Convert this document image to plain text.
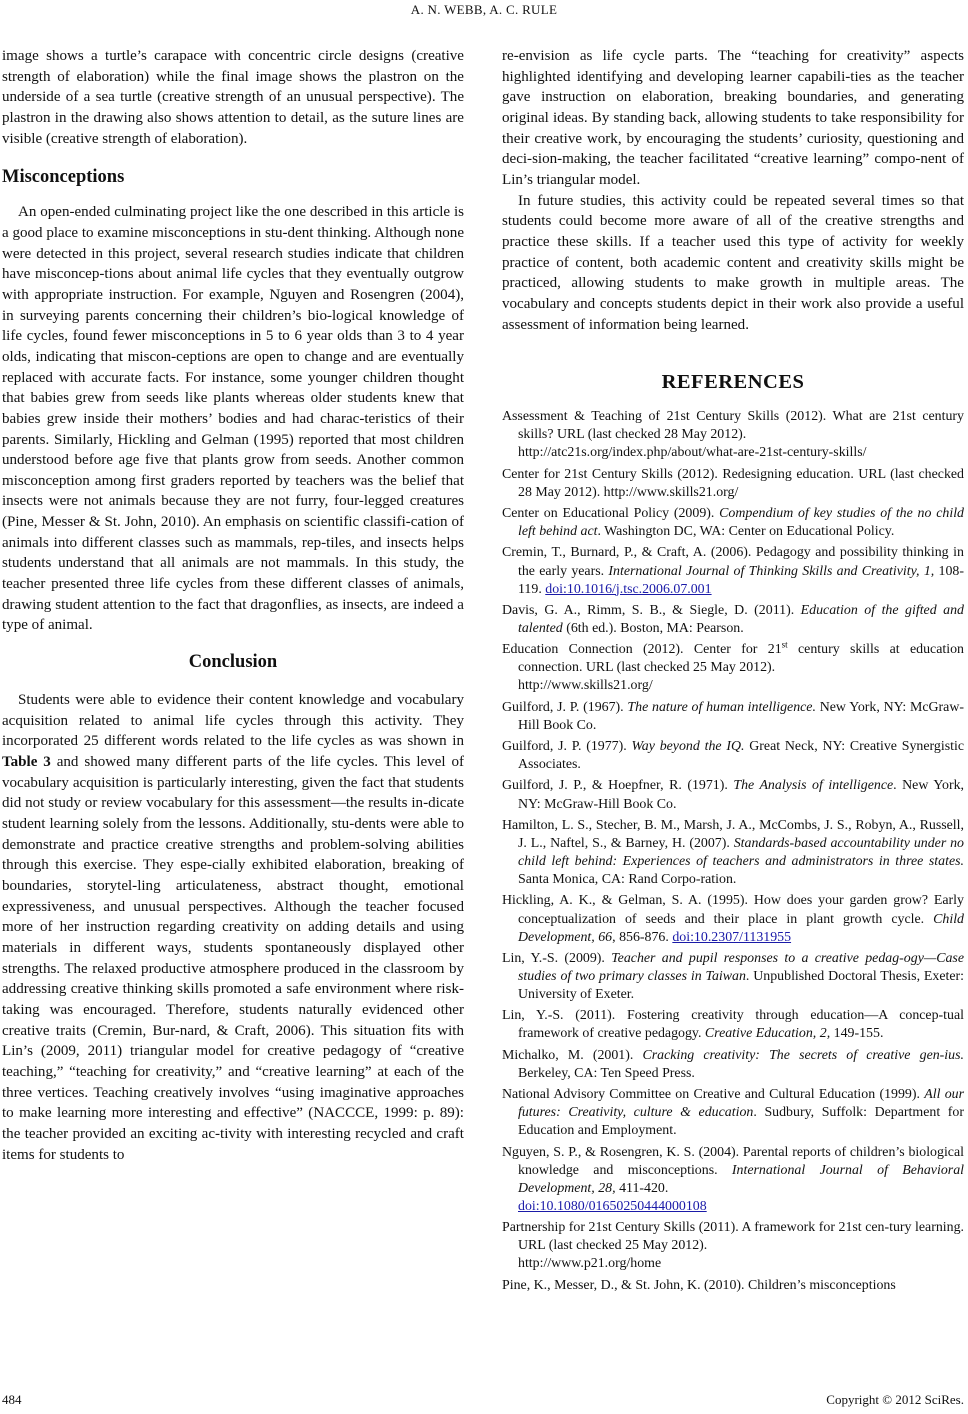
A. N. WEBB, A. C. RULE

image shows a turtle’s carapace with concentric circle designs (creative strength of elaboration) while the final image shows the plastron on the underside of a sea turtle (creative strength of an unusual perspective). The plastron in the drawing also shows attention to detail, as the suture lines are visible (creative strength of elaboration).

Misconceptions

An open-ended culminating project like the one described in this article is a good place to examine misconceptions in stu-dent thinking. Although none were detected in this project, several research studies indicate that children have misconcep-tions about animal life cycles that they eventually outgrow with appropriate instruction. For example, Nguyen and Rosengren (2004), in surveying parents concerning their children’s bio-logical knowledge of life cycles, found fewer misconceptions in 5 to 6 year olds than 3 to 4 year olds, indicating that miscon-ceptions are open to change and are eventually replaced with accurate facts. For instance, some younger children thought that babies grew from seeds like plants whereas older students knew that babies grew inside their mothers’ bodies and had charac-teristics of their parents. Similarly, Hickling and Gelman (1995) reported that most children understood before age five that plants grow from seeds. Another common misconception among first graders reported by teachers was the belief that insects were not animals because they are not furry, four-legged creatures (Pine, Messer & St. John, 2010). An emphasis on scientific classifi-cation of animals into different classes such as mammals, rep-tiles, and insects helps students understand that all animals are not mammals. In this study, the teacher presented three life cycles from these different classes of animals, drawing student attention to the fact that dragonflies, as insects, are indeed a type of animal.

Conclusion

Students were able to evidence their content knowledge and vocabulary acquisition related to animal life cycles through this activity. They incorporated 25 different words related to the life cycles as was shown in Table 3 and showed many different parts of the life cycles. This level of vocabulary acquisition is particularly interesting, given the fact that students did not study or review vocabulary for this assessment—the results in-dicate student learning solely from the lessons. Additionally, stu-dents were able to demonstrate and practice creative strengths and problem-solving abilities through this exercise. They espe-cially exhibited elaboration, breaking of boundaries, storytel-ling articulateness, abstract thought, emotional expressiveness, and unusual perspectives. Although the teacher focused more of her instruction regarding creativity on adding details and using materials in different ways, students spontaneously displayed other strengths. The relaxed productive atmosphere produced in the classroom by addressing creative thinking skills promoted a safe environment where risk-taking was encouraged. Therefore, students naturally evidenced other creative traits (Cremin, Bur-nard, & Craft, 2006). This situation fits with Lin’s (2009, 2011) triangular model for creative pedagogy of “creative teaching,” “teaching for creativity,” and “creative learning” at each of the three vertices. Teaching creatively involves “using imaginative approaches to make learning more interesting and effective” (NACCCE, 1999: p. 89): the teacher provided an exciting ac-tivity with interesting recycled and craft items for students to

re-envision as life cycle parts. The “teaching for creativity” aspects highlighted identifying and developing learner capabili-ties as the teacher gave instruction on elaboration, breaking boundaries, and generating original ideas. By standing back, allowing students to take responsibility for their creative work, by encouraging the students’ curiosity, questioning and deci-sion-making, the teacher facilitated “creative learning” compo-nent of Lin’s triangular model.

In future studies, this activity could be repeated several times so that students could become more aware of all of the creative strengths and practice these skills. If a teacher used this type of activity for weekly practice of content, both academic content and creativity skills might be practiced, allowing students to make growth in multiple areas. The vocabulary and concepts students depict in their work also provide a useful assessment of information being learned.

REFERENCES

Assessment & Teaching of 21st Century Skills (2012). What are 21st century skills? URL (last checked 28 May 2012).
http://atc21s.org/index.php/about/what-are-21st-century-skills/

Center for 21st Century Skills (2012). Redesigning education. URL (last checked 28 May 2012). http://www.skills21.org/

Center on Educational Policy (2009). Compendium of key studies of the no child left behind act. Washington DC, WA: Center on Educational Policy.

Cremin, T., Burnard, P., & Craft, A. (2006). Pedagogy and possibility thinking in the early years. International Journal of Thinking Skills and Creativity, 1, 108-119. doi:10.1016/j.tsc.2006.07.001

Davis, G. A., Rimm, S. B., & Siegle, D. (2011). Education of the gifted and talented (6th ed.). Boston, MA: Pearson.

Education Connection (2012). Center for 21st century skills at education connection. URL (last checked 25 May 2012).
http://www.skills21.org/

Guilford, J. P. (1967). The nature of human intelligence. New York, NY: McGraw-Hill Book Co.

Guilford, J. P. (1977). Way beyond the IQ. Great Neck, NY: Creative Synergistic Associates.

Guilford, J. P., & Hoepfner, R. (1971). The Analysis of intelligence. New York, NY: McGraw-Hill Book Co.

Hamilton, L. S., Stecher, B. M., Marsh, J. A., McCombs, J. S., Robyn, A., Russell, J. L., Naftel, S., & Barney, H. (2007). Standards-based accountability under no child left behind: Experiences of teachers and administrators in three states. Santa Monica, CA: Rand Corpo-ration.

Hickling, A. K., & Gelman, S. A. (1995). How does your garden grow? Early conceptualization of seeds and their place in plant growth cycle. Child Development, 66, 856-876. doi:10.2307/1131955

Lin, Y.-S. (2009). Teacher and pupil responses to a creative pedag-ogy—Case studies of two primary classes in Taiwan. Unpublished Doctoral Thesis, Exeter: University of Exeter.

Lin, Y.-S. (2011). Fostering creativity through education—A concep-tual framework of creative pedagogy. Creative Education, 2, 149-155.

Michalko, M. (2001). Cracking creativity: The secrets of creative gen-ius. Berkeley, CA: Ten Speed Press.

National Advisory Committee on Creative and Cultural Education (1999). All our futures: Creativity, culture & education. Sudbury, Suffolk: Department for Education and Employment.

Nguyen, S. P., & Rosengren, K. S. (2004). Parental reports of children’s biological knowledge and misconceptions. International Journal of Behavioral Development, 28, 411-420.
doi:10.1080/01650250444000108

Partnership for 21st Century Skills (2011). A framework for 21st cen-tury learning. URL (last checked 25 May 2012).
http://www.p21.org/home

Pine, K., Messer, D., & St. John, K. (2010). Children’s misconceptions

484	Copyright © 2012 SciRes.
